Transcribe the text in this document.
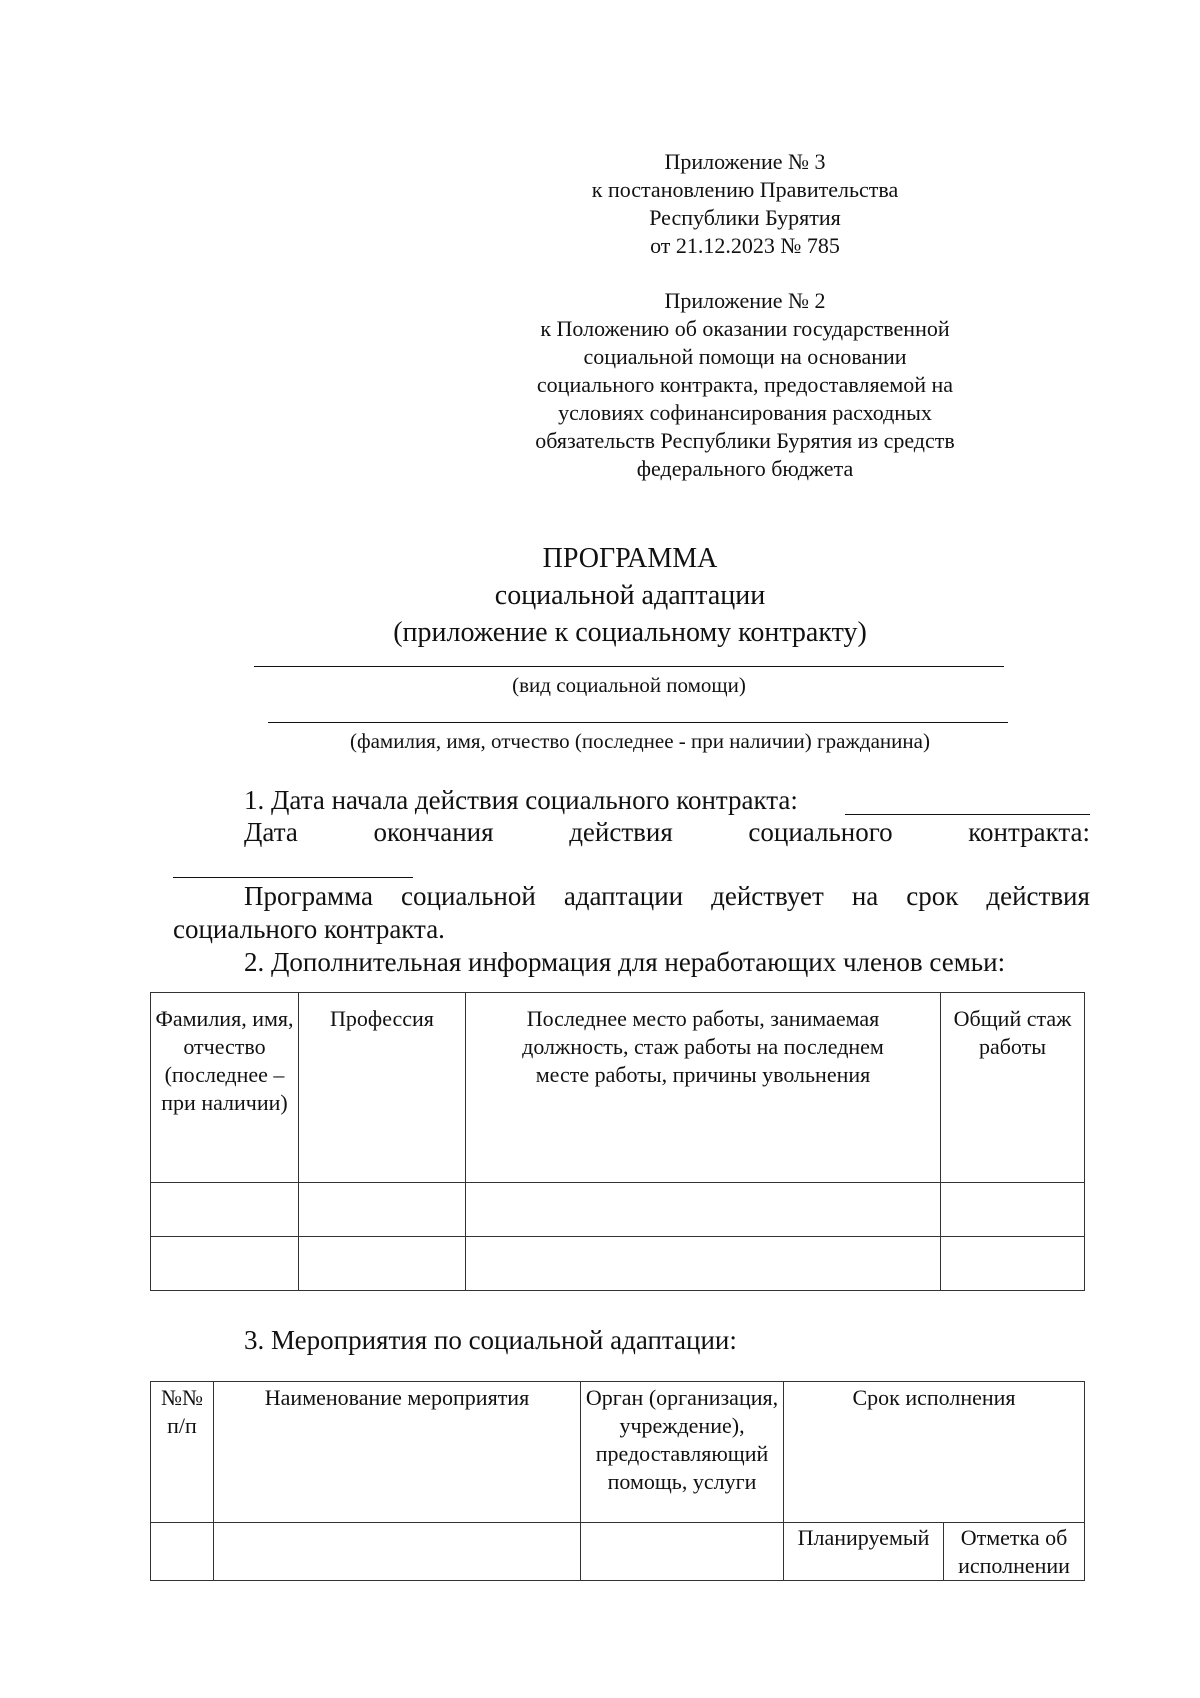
Приложение № 3
к постановлению Правительства
Республики Бурятия
от 21.12.2023 № 785
Приложение № 2
к Положению об оказании государственной
социальной помощи на основании
социального контракта, предоставляемой на
условиях софинансирования расходных
обязательств Республики Бурятия из средств
федерального бюджета
ПРОГРАММА
социальной адаптации
(приложение к социальному контракту)
(вид социальной помощи)
(фамилия, имя, отчество (последнее - при наличии) гражданина)
1. Дата начала действия социального контракта:
Дата	окончания	действия	социального	контракта:
Программа социальной адаптации действует на срок действия
социального контракта.
2. Дополнительная информация для неработающих членов семьи:
Фамилия, имя, отчество (последнее – при наличии)	Профессия	Последнее место работы, занимаемая должность, стаж работы на последнем месте работы, причины увольнения	Общий стаж работы

3. Мероприятия по социальной адаптации:
№№ п/п	Наименование мероприятия	Орган (организация, учреждение), предоставляющий помощь, услуги	Срок исполнения	

			Планируемый	Отметка об исполнении
